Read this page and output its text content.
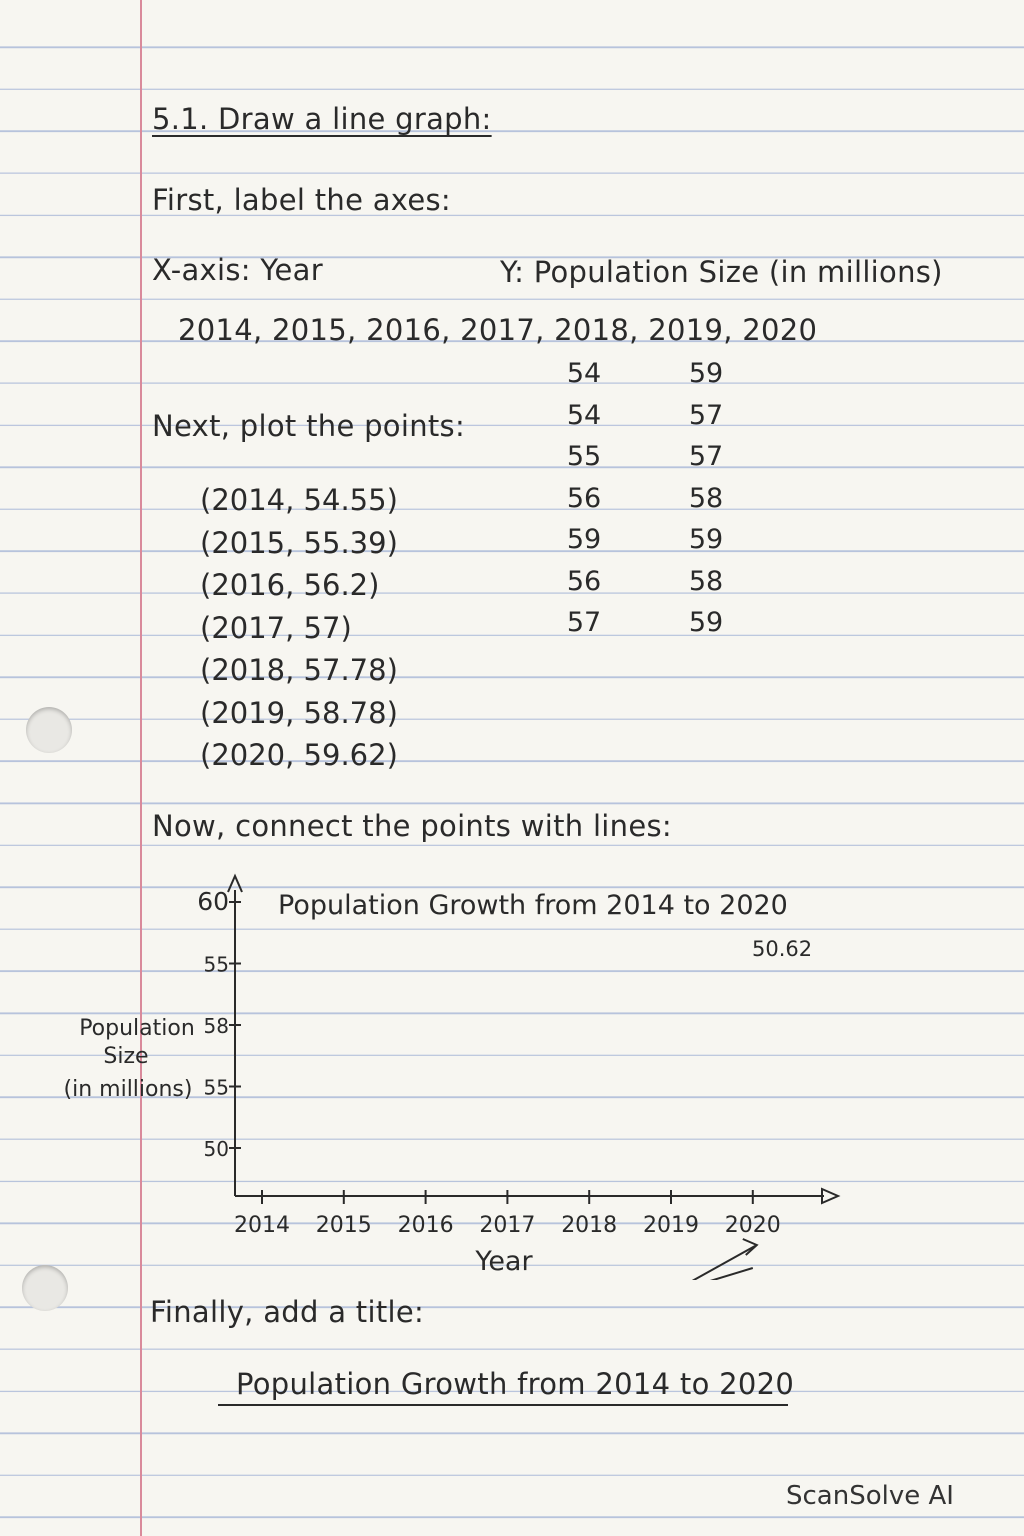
5.1. Draw a line graph:
First, label the axes:
X-axis: Year	Y: Population Size (in millions)
2014, 2015, 2016, 2017, 2018, 2019, 2020
54
54
55
56
59
56
57
59
57
57
58
59
58
59
Next, plot the points:
(2014, 54.55)
(2015, 55.39)
(2016, 56.2)
(2017, 57)
(2018, 57.78)
(2019, 58.78)
(2020, 59.62)
Now, connect the points with lines:
60
55
58
55
50
2014 2015 2016 2017 2018 2019 2020
Population Growth from 2014 to 2020
Year
Population
Size
(in millions)
50.62
Finally, add a title:
Population Growth from 2014 to 2020
ScanSolve AI
